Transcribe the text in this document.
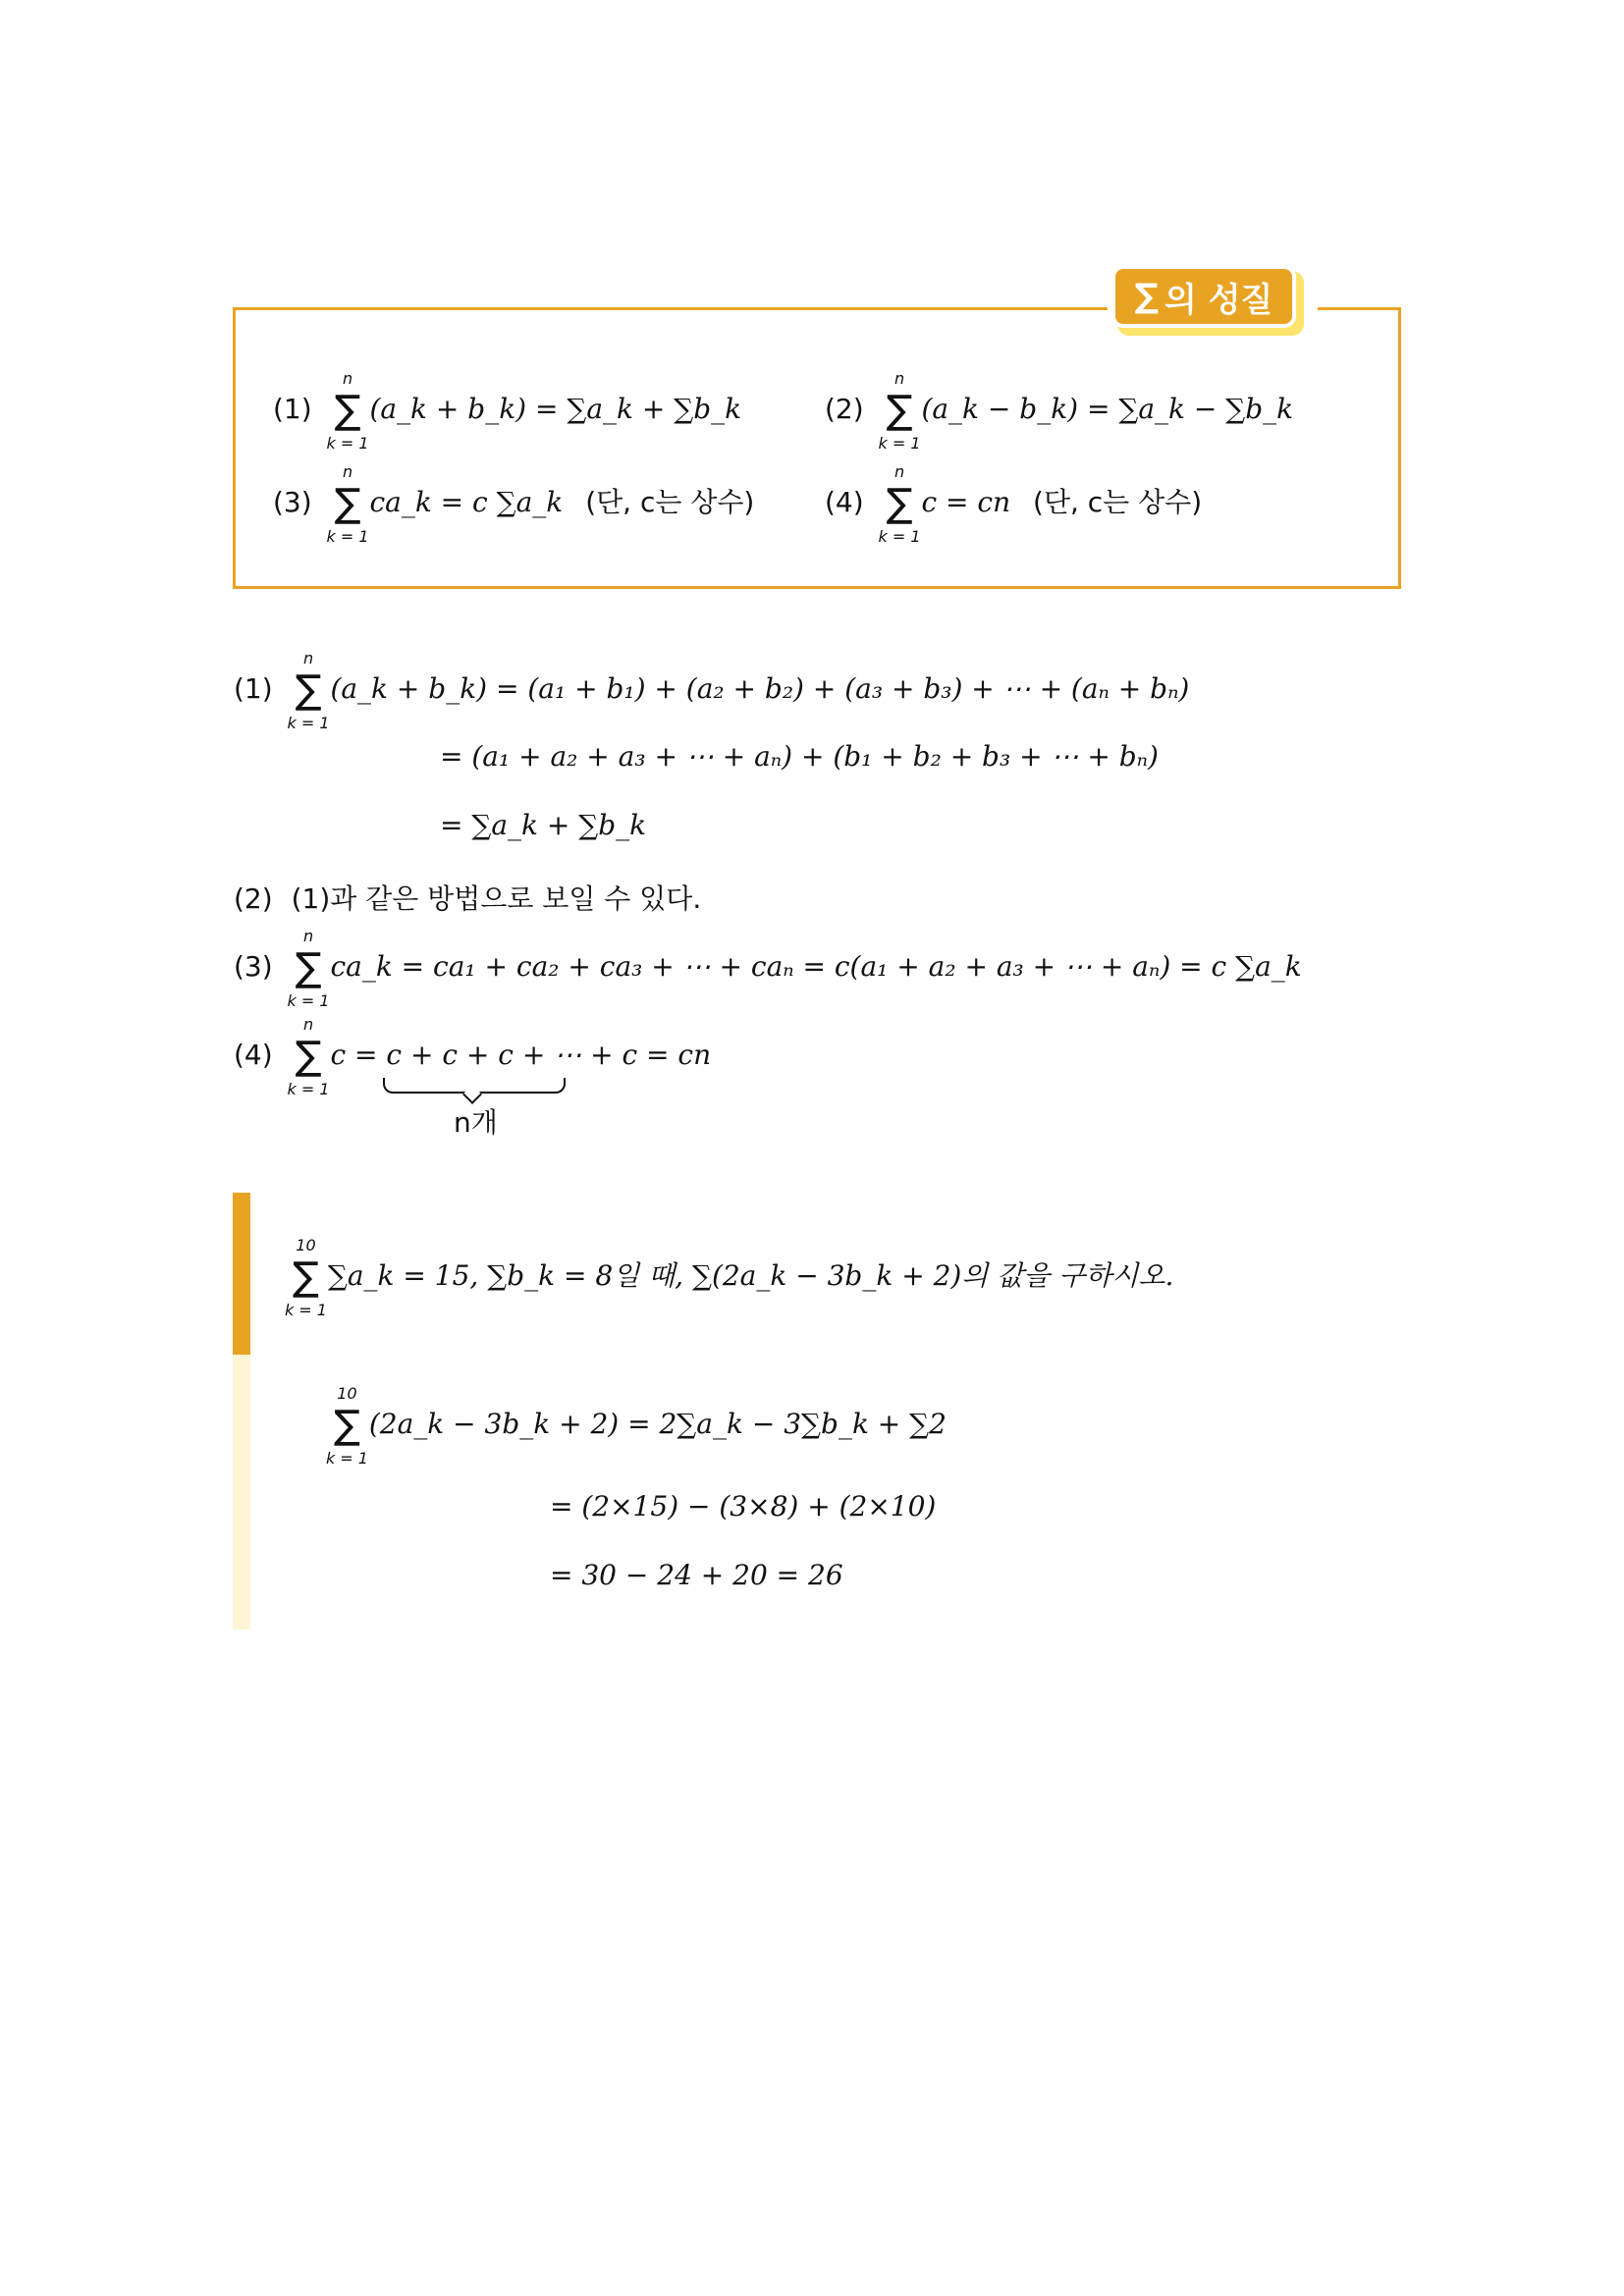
∑ 의 성질
(1)
n
∑
k = 1
(a_k + b_k) = ∑a_k + ∑b_k	(2)
n
∑
k = 1
(a_k − b_k) = ∑a_k − ∑b_k
(3)
n
∑
k = 1
ca_k = c ∑a_k (단, c는 상수)	(4)
n
∑
k = 1
c = cn (단, c는 상수)
(1)
n
∑
k = 1
(a_k + b_k) = (a₁ + b₁) + (a₂ + b₂) + (a₃ + b₃) + ⋯ + (aₙ + bₙ)
= (a₁ + a₂ + a₃ + ⋯ + aₙ) + (b₁ + b₂ + b₃ + ⋯ + bₙ)
= ∑a_k + ∑b_k
(2) (1)과 같은 방법으로 보일 수 있다.
(3)
n
∑
k = 1
ca_k = ca₁ + ca₂ + ca₃ + ⋯ + caₙ = c(a₁ + a₂ + a₃ + ⋯ + aₙ) = c ∑a_k
(4)
n
∑
k = 1
c = c + c + c + ⋯ + c = cn
n개
10
∑
k = 1
∑a_k = 15, ∑b_k = 8일 때, ∑(2a_k − 3b_k + 2)의 값을 구하시오.
10
∑
k = 1
(2a_k − 3b_k + 2) = 2∑a_k − 3∑b_k + ∑2
= (2×15) − (3×8) + (2×10)
= 30 − 24 + 20 = 26
